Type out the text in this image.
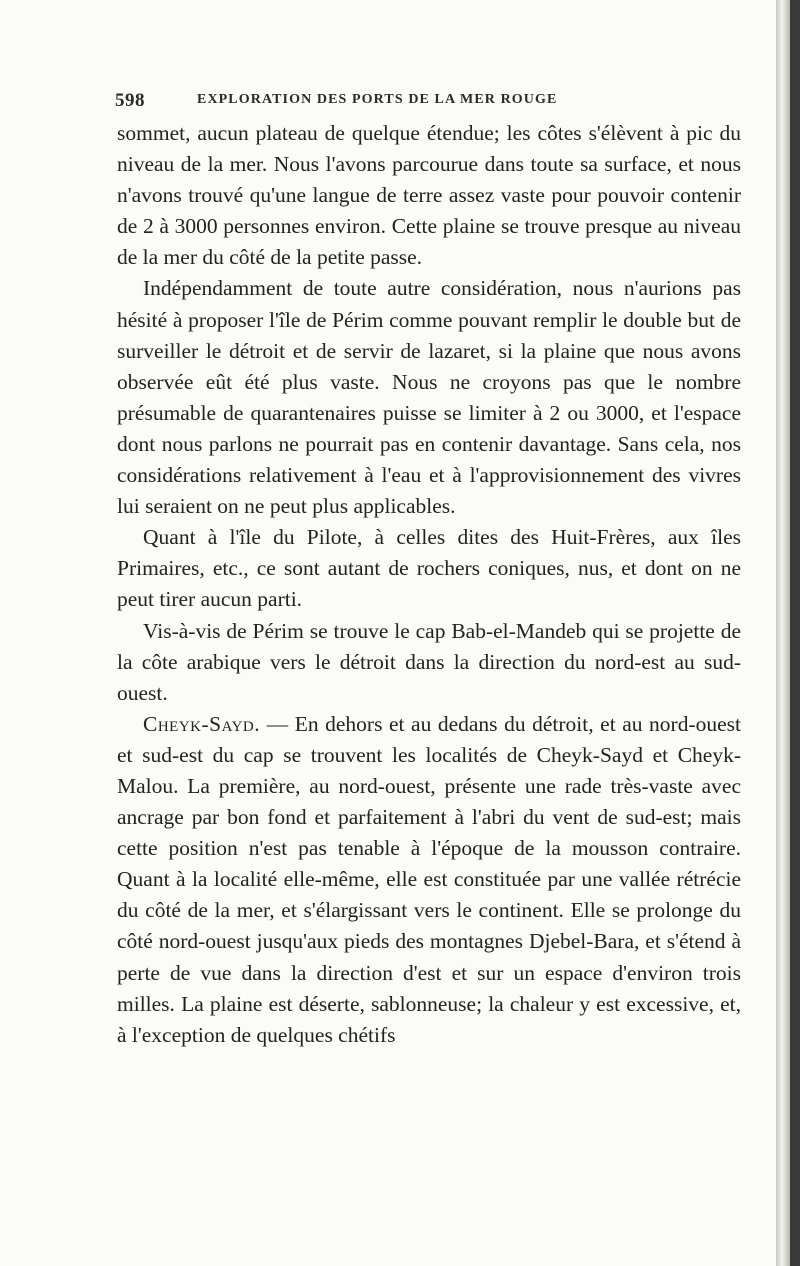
598	EXPLORATION DES PORTS DE LA MER ROUGE

sommet, aucun plateau de quelque étendue; les côtes s'élèvent à pic du niveau de la mer. Nous l'avons parcourue dans toute sa surface, et nous n'avons trouvé qu'une langue de terre assez vaste pour pouvoir contenir de 2 à 3000 personnes environ. Cette plaine se trouve presque au niveau de la mer du côté de la petite passe.

Indépendamment de toute autre considération, nous n'aurions pas hésité à proposer l'île de Périm comme pouvant remplir le double but de surveiller le détroit et de servir de lazaret, si la plaine que nous avons observée eût été plus vaste. Nous ne croyons pas que le nombre présumable de quarantenaires puisse se limiter à 2 ou 3000, et l'espace dont nous parlons ne pourrait pas en contenir davantage. Sans cela, nos considérations relativement à l'eau et à l'approvisionnement des vivres lui seraient on ne peut plus applicables.

Quant à l'île du Pilote, à celles dites des Huit-Frères, aux îles Primaires, etc., ce sont autant de rochers coniques, nus, et dont on ne peut tirer aucun parti.

Vis-à-vis de Périm se trouve le cap Bab-el-Mandeb qui se projette de la côte arabique vers le détroit dans la direction du nord-est au sud-ouest.

Cheyk-Sayd. — En dehors et au dedans du détroit, et au nord-ouest et sud-est du cap se trouvent les localités de Cheyk-Sayd et Cheyk-Malou. La première, au nord-ouest, présente une rade très-vaste avec ancrage par bon fond et parfaitement à l'abri du vent de sud-est; mais cette position n'est pas tenable à l'époque de la mousson contraire. Quant à la localité elle-même, elle est constituée par une vallée rétrécie du côté de la mer, et s'élargissant vers le continent. Elle se prolonge du côté nord-ouest jusqu'aux pieds des montagnes Djebel-Bara, et s'étend à perte de vue dans la direction d'est et sur un espace d'environ trois milles. La plaine est déserte, sablonneuse; la chaleur y est excessive, et, à l'exception de quelques chétifs
